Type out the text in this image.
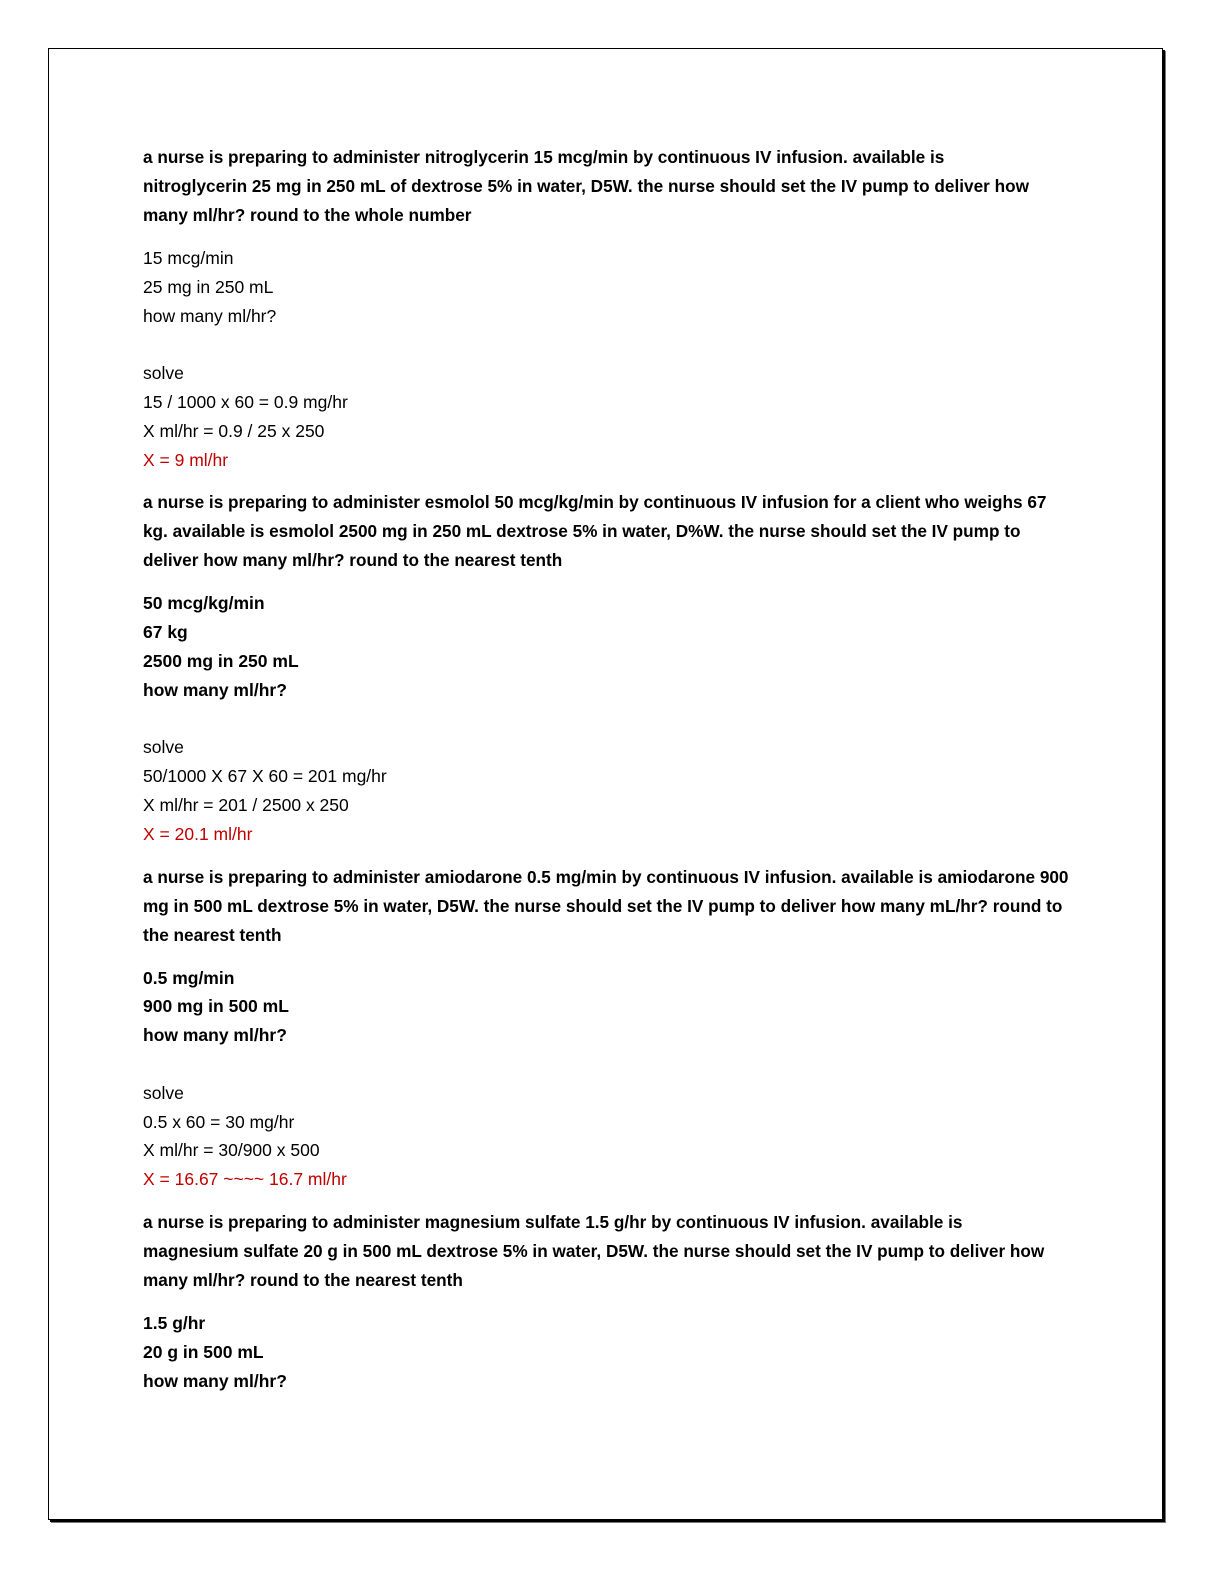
a nurse is preparing to administer nitroglycerin 15 mcg/min by continuous IV infusion. available is nitroglycerin 25 mg in 250 mL of dextrose 5% in water, D5W. the nurse should set the IV pump to deliver how many ml/hr? round to the whole number

15 mcg/min
25 mg in 250 mL
how many ml/hr?
solve
15 / 1000 x 60 = 0.9 mg/hr
X ml/hr = 0.9 / 25 x 250
X = 9 ml/hr

a nurse is preparing to administer esmolol 50 mcg/kg/min by continuous IV infusion for a client who weighs 67 kg. available is esmolol 2500 mg in 250 mL dextrose 5% in water, D%W. the nurse should set the IV pump to deliver how many ml/hr? round to the nearest tenth

50 mcg/kg/min
67 kg
2500 mg in 250 mL
how many ml/hr?
solve
50/1000 X 67 X 60 = 201 mg/hr
X ml/hr = 201 / 2500 x 250
X = 20.1 ml/hr

a nurse is preparing to administer amiodarone 0.5 mg/min by continuous IV infusion. available is amiodarone 900 mg in 500 mL dextrose 5% in water, D5W. the nurse should set the IV pump to deliver how many mL/hr? round to the nearest tenth

0.5 mg/min
900 mg in 500 mL
how many ml/hr?
solve
0.5 x 60 = 30 mg/hr
X ml/hr = 30/900 x 500
X = 16.67 ~~~~ 16.7 ml/hr

a nurse is preparing to administer magnesium sulfate 1.5 g/hr by continuous IV infusion. available is magnesium sulfate 20 g in 500 mL dextrose 5% in water, D5W. the nurse should set the IV pump to deliver how many ml/hr? round to the nearest tenth

1.5 g/hr
20 g in 500 mL
how many ml/hr?
